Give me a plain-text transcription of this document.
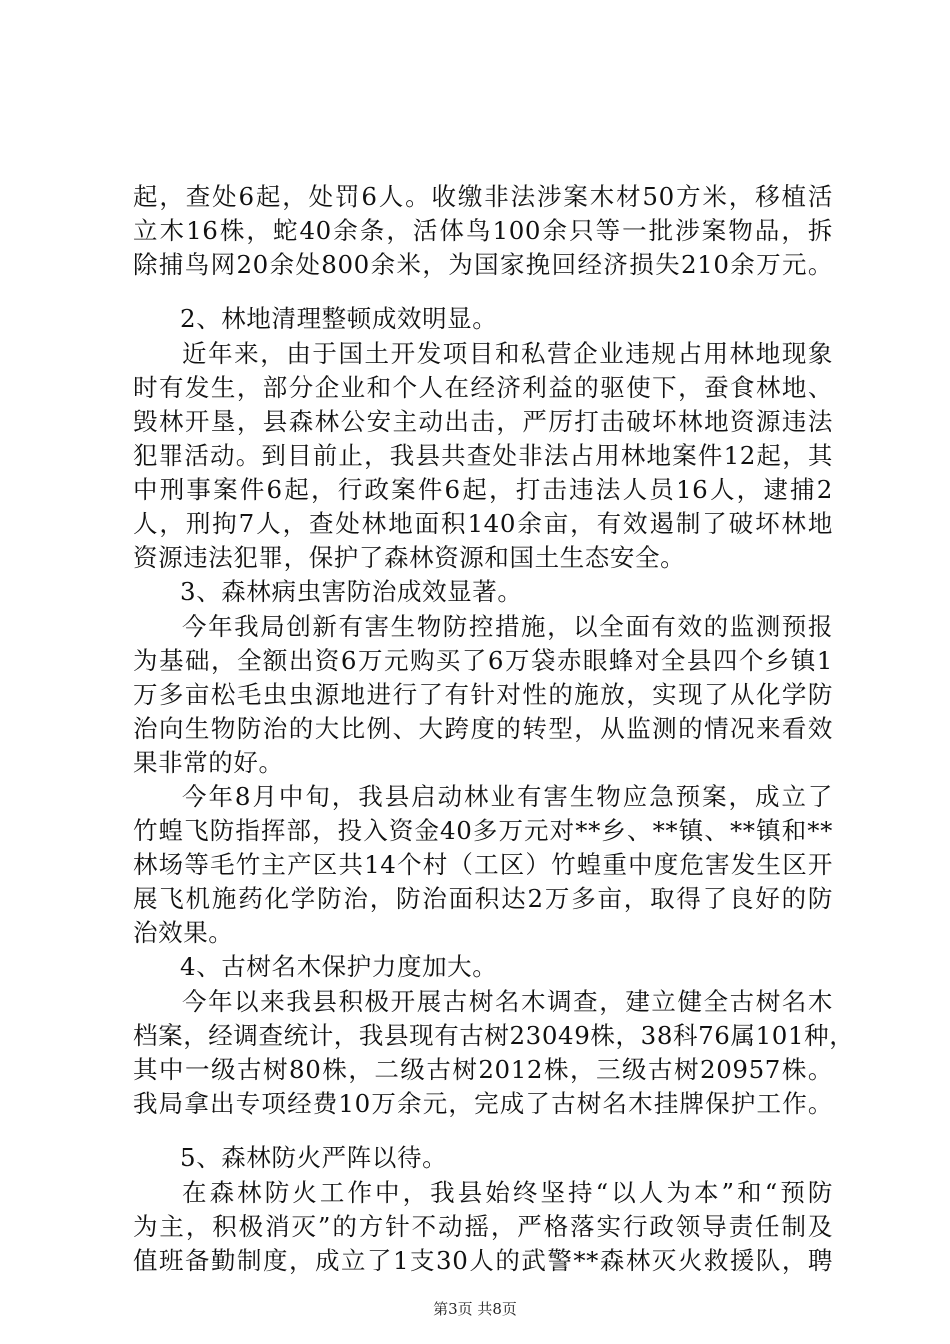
起，查处6起，处罚6人。收缴非法涉案木材50方米，移植活
立木16株，蛇40余条，活体鸟100余只等一批涉案物品，拆
除捕鸟网20余处800余米，为国家挽回经济损失210余万元。
2、林地清理整顿成效明显。
近年来，由于国土开发项目和私营企业违规占用林地现象
时有发生，部分企业和个人在经济利益的驱使下，蚕食林地、
毁林开垦，县森林公安主动出击，严厉打击破坏林地资源违法
犯罪活动。到目前止，我县共查处非法占用林地案件12起，其
中刑事案件6起，行政案件6起，打击违法人员16人，逮捕2
人，刑拘7人，查处林地面积140余亩，有效遏制了破坏林地
资源违法犯罪，保护了森林资源和国土生态安全。
3、森林病虫害防治成效显著。
今年我局创新有害生物防控措施，以全面有效的监测预报
为基础，全额出资6万元购买了6万袋赤眼蜂对全县四个乡镇1
万多亩松毛虫虫源地进行了有针对性的施放，实现了从化学防
治向生物防治的大比例、大跨度的转型，从监测的情况来看效
果非常的好。
今年8月中旬，我县启动林业有害生物应急预案，成立了
竹蝗飞防指挥部，投入资金40多万元对**乡、**镇、**镇和**
林场等毛竹主产区共14个村（工区）竹蝗重中度危害发生区开
展飞机施药化学防治，防治面积达2万多亩，取得了良好的防
治效果。
4、古树名木保护力度加大。
今年以来我县积极开展古树名木调查，建立健全古树名木
档案，经调查统计，我县现有古树23049株，38科76属101种，
其中一级古树80株，二级古树2012株，三级古树20957株。
我局拿出专项经费10万余元，完成了古树名木挂牌保护工作。
5、森林防火严阵以待。
在森林防火工作中，我县始终坚持“以人为本”和“预防
为主，积极消灭”的方针不动摇，严格落实行政领导责任制及
值班备勤制度，成立了1支30人的武警**森林灭火救援队，聘
第3页 共8页
